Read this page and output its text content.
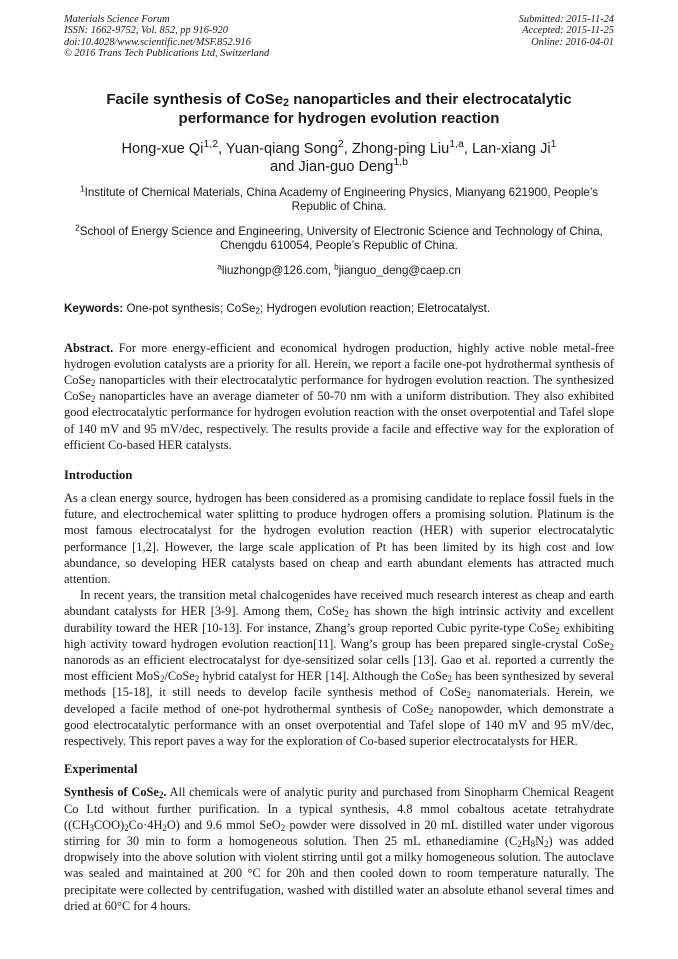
Materials Science Forum
ISSN: 1662-9752, Vol. 852, pp 916-920
doi:10.4028/www.scientific.net/MSF.852.916
© 2016 Trans Tech Publications Ltd, Switzerland
Submitted: 2015-11-24
Accepted: 2015-11-25
Online: 2016-04-01
Facile synthesis of CoSe$_2$ nanoparticles and their electrocatalytic performance for hydrogen evolution reaction
Hong-xue Qi$^{1,2}$, Yuan-qiang Song$^2$, Zhong-ping Liu$^{1,a}$, Lan-xiang Ji$^1$
and Jian-guo Deng$^{1,b}$
$^1$Institute of Chemical Materials, China Academy of Engineering Physics, Mianyang 621900, People’s Republic of China.
$^2$School of Energy Science and Engineering, University of Electronic Science and Technology of China, Chengdu 610054, People’s Republic of China.
$^a$liuzhongp@126.com, $^b$jianguo_deng@caep.cn
Keywords: One-pot synthesis; CoSe$_2$; Hydrogen evolution reaction; Eletrocatalyst.
Abstract. For more energy-efficient and economical hydrogen production, highly active noble metal-free hydrogen evolution catalysts are a priority for all. Herein, we report a facile one-pot hydrothermal synthesis of CoSe$_2$ nanoparticles with their electrocatalytic performance for hydrogen evolution reaction. The synthesized CoSe$_2$ nanoparticles have an average diameter of 50-70 nm with a uniform distribution. They also exhibited good electrocatalytic performance for hydrogen evolution reaction with the onset overpotential and Tafel slope of 140 mV and 95 mV/dec, respectively. The results provide a facile and effective way for the exploration of efficient Co-based HER catalysts.
Introduction
As a clean energy source, hydrogen has been considered as a promising candidate to replace fossil fuels in the future, and electrochemical water splitting to produce hydrogen offers a promising solution. Platinum is the most famous electrocatalyst for the hydrogen evolution reaction (HER) with superior electrocatalytic performance [1,2]. However, the large scale application of Pt has been limited by its high cost and low abundance, so developing HER catalysts based on cheap and earth abundant elements has attracted much attention.
In recent years, the transition metal chalcogenides have received much research interest as cheap and earth abundant catalysts for HER [3-9]. Among them, CoSe$_2$ has shown the high intrinsic activity and excellent durability toward the HER [10-13]. For instance, Zhang’s group reported Cubic pyrite-type CoSe$_2$ exhibiting high activity toward hydrogen evolution reaction[11]. Wang’s group has been prepared single-crystal CoSe$_2$ nanorods as an efficient electrocatalyst for dye-sensitized solar cells [13]. Gao et al. reported a currently the most efficient MoS$_2$/CoSe$_2$ hybrid catalyst for HER [14]. Although the CoSe$_2$ has been synthesized by several methods [15-18], it still needs to develop facile synthesis method of CoSe$_2$ nanomaterials. Herein, we developed a facile method of one-pot hydrothermal synthesis of CoSe$_2$ nanopowder, which demonstrate a good electrocatalytic performance with an onset overpotential and Tafel slope of 140 mV and 95 mV/dec, respectively. This report paves a way for the exploration of Co-based superior electrocatalysts for HER.
Experimental
Synthesis of CoSe$_2$. All chemicals were of analytic purity and purchased from Sinopharm Chemical Reagent Co Ltd without further purification. In a typical synthesis, 4.8 mmol cobaltous acetate tetrahydrate $((CH_3COO)_2Co\cdot 4H_2O)$ and 9.6 mmol SeO$_2$ powder were dissolved in 20 mL distilled water under vigorous stirring for 30 min to form a homogeneous solution. Then 25 mL ethanediamine $(C_2H_8N_2)$ was added dropwisely into the above solution with violent stirring until got a milky homogeneous solution. The autoclave was sealed and maintained at 200 °C for 20h and then cooled down to room temperature naturally. The precipitate were collected by centrifugation, washed with distilled water an absolute ethanol several times and dried at 60°C for 4 hours.
